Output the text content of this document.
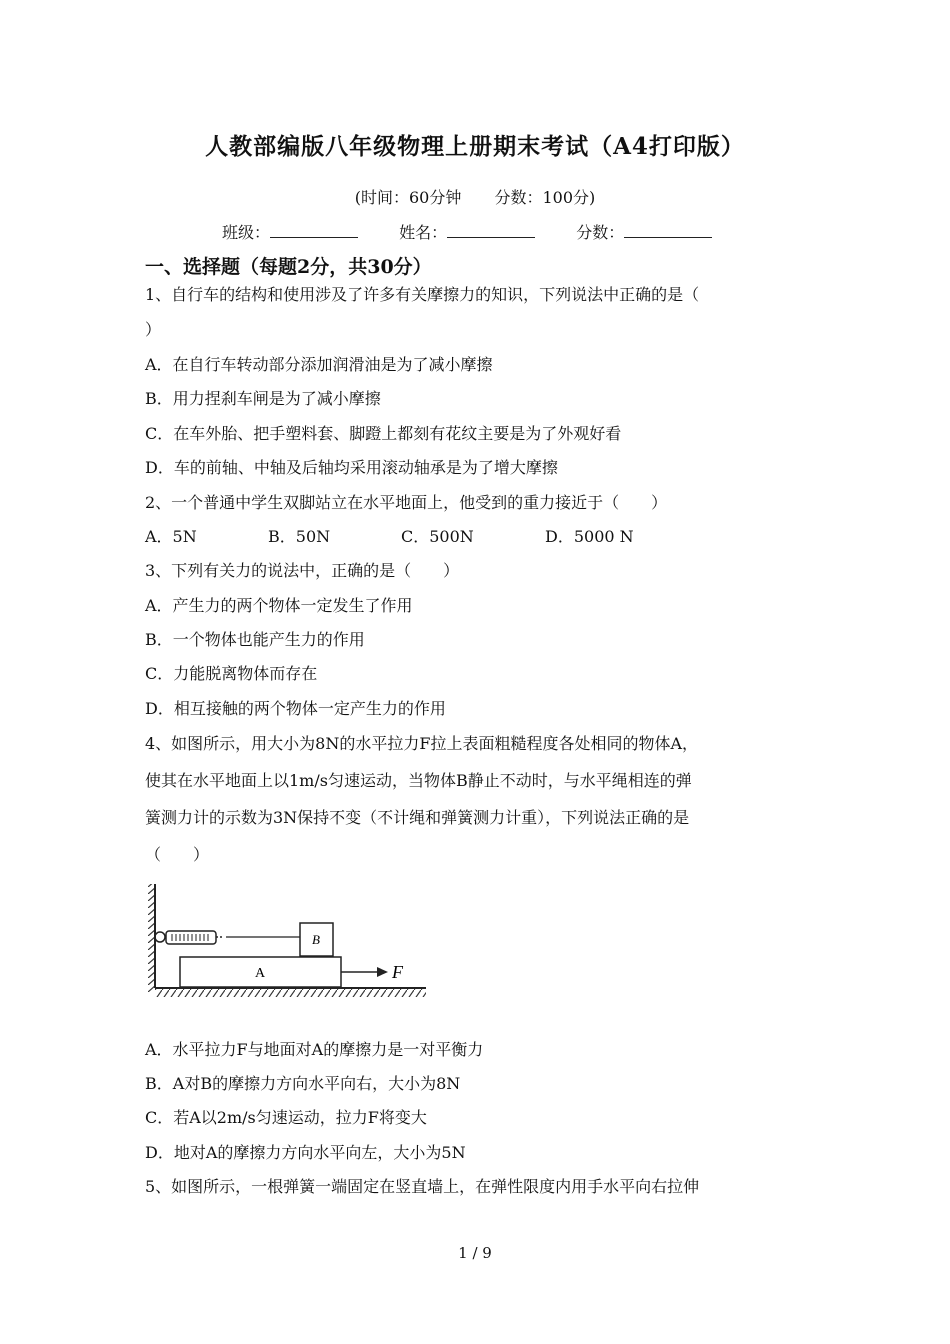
人教部编版八年级物理上册期末考试（A4打印版）
(时间：60分钟 分数：100分)
班级：	姓名：	分数：
一、选择题（每题2分，共30分）
1、自行车的结构和使用涉及了许多有关摩擦力的知识，下列说法中正确的是（
）
A．在自行车转动部分添加润滑油是为了减小摩擦
B．用力捏刹车闸是为了减小摩擦
C．在车外胎、把手塑料套、脚蹬上都刻有花纹主要是为了外观好看
D．车的前轴、中轴及后轴均采用滚动轴承是为了增大摩擦
2、一个普通中学生双脚站立在水平地面上，他受到的重力接近于（　　）
A．5N	B．50N	C．500N	D．5000 N
3、下列有关力的说法中，正确的是（　　）
A．产生力的两个物体一定发生了作用
B．一个物体也能产生力的作用
C．力能脱离物体而存在
D．相互接触的两个物体一定产生力的作用
4、如图所示，用大小为8N的水平拉力F拉上表面粗糙程度各处相同的物体A，
使其在水平地面上以1m/s匀速运动，当物体B静止不动时，与水平绳相连的弹
簧测力计的示数为3N保持不变（不计绳和弹簧测力计重），下列说法正确的是
（　　）
B
A	F
A．水平拉力F与地面对A的摩擦力是一对平衡力
B．A对B的摩擦力方向水平向右，大小为8N
C．若A以2m/s匀速运动，拉力F将变大
D．地对A的摩擦力方向水平向左，大小为5N
5、如图所示，一根弹簧一端固定在竖直墙上，在弹性限度内用手水平向右拉伸
1 / 9
